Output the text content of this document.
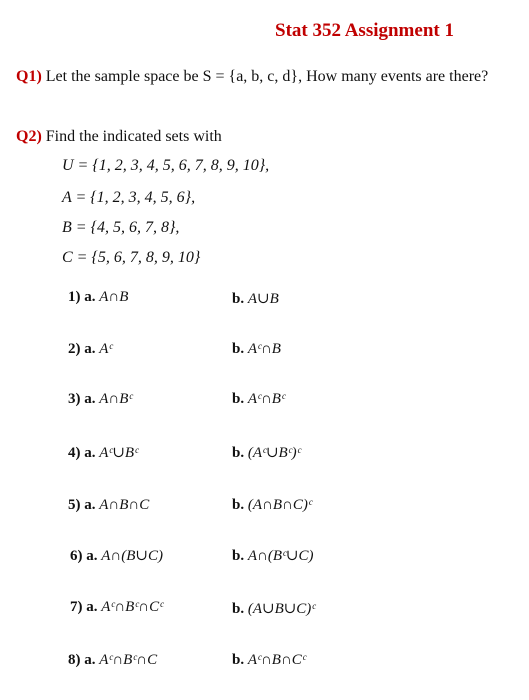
Stat 352 Assignment 1
Q1) Let the sample space be S = {a, b, c, d}, How many events are there?
Q2) Find the indicated sets with
U = {1, 2, 3, 4, 5, 6, 7, 8, 9, 10},
A = {1, 2, 3, 4, 5, 6},
B = {4, 5, 6, 7, 8},
C = {5, 6, 7, 8, 9, 10}
1) a. A∩B	b. A∪B
2) a. Aᶜ	b. Aᶜ∩B
3) a. A∩Bᶜ	b. Aᶜ∩Bᶜ
4) a. Aᶜ∪Bᶜ	b. (Aᶜ∪Bᶜ)ᶜ
5) a. A∩B∩C	b. (A∩B∩C)ᶜ
6) a. A∩(B∪C)	b. A∩(Bᶜ∪C)
7) a. Aᶜ∩Bᶜ∩Cᶜ	b. (A∪B∪C)ᶜ
8) a. Aᶜ∩Bᶜ∩C	b. Aᶜ∩B∩Cᶜ
